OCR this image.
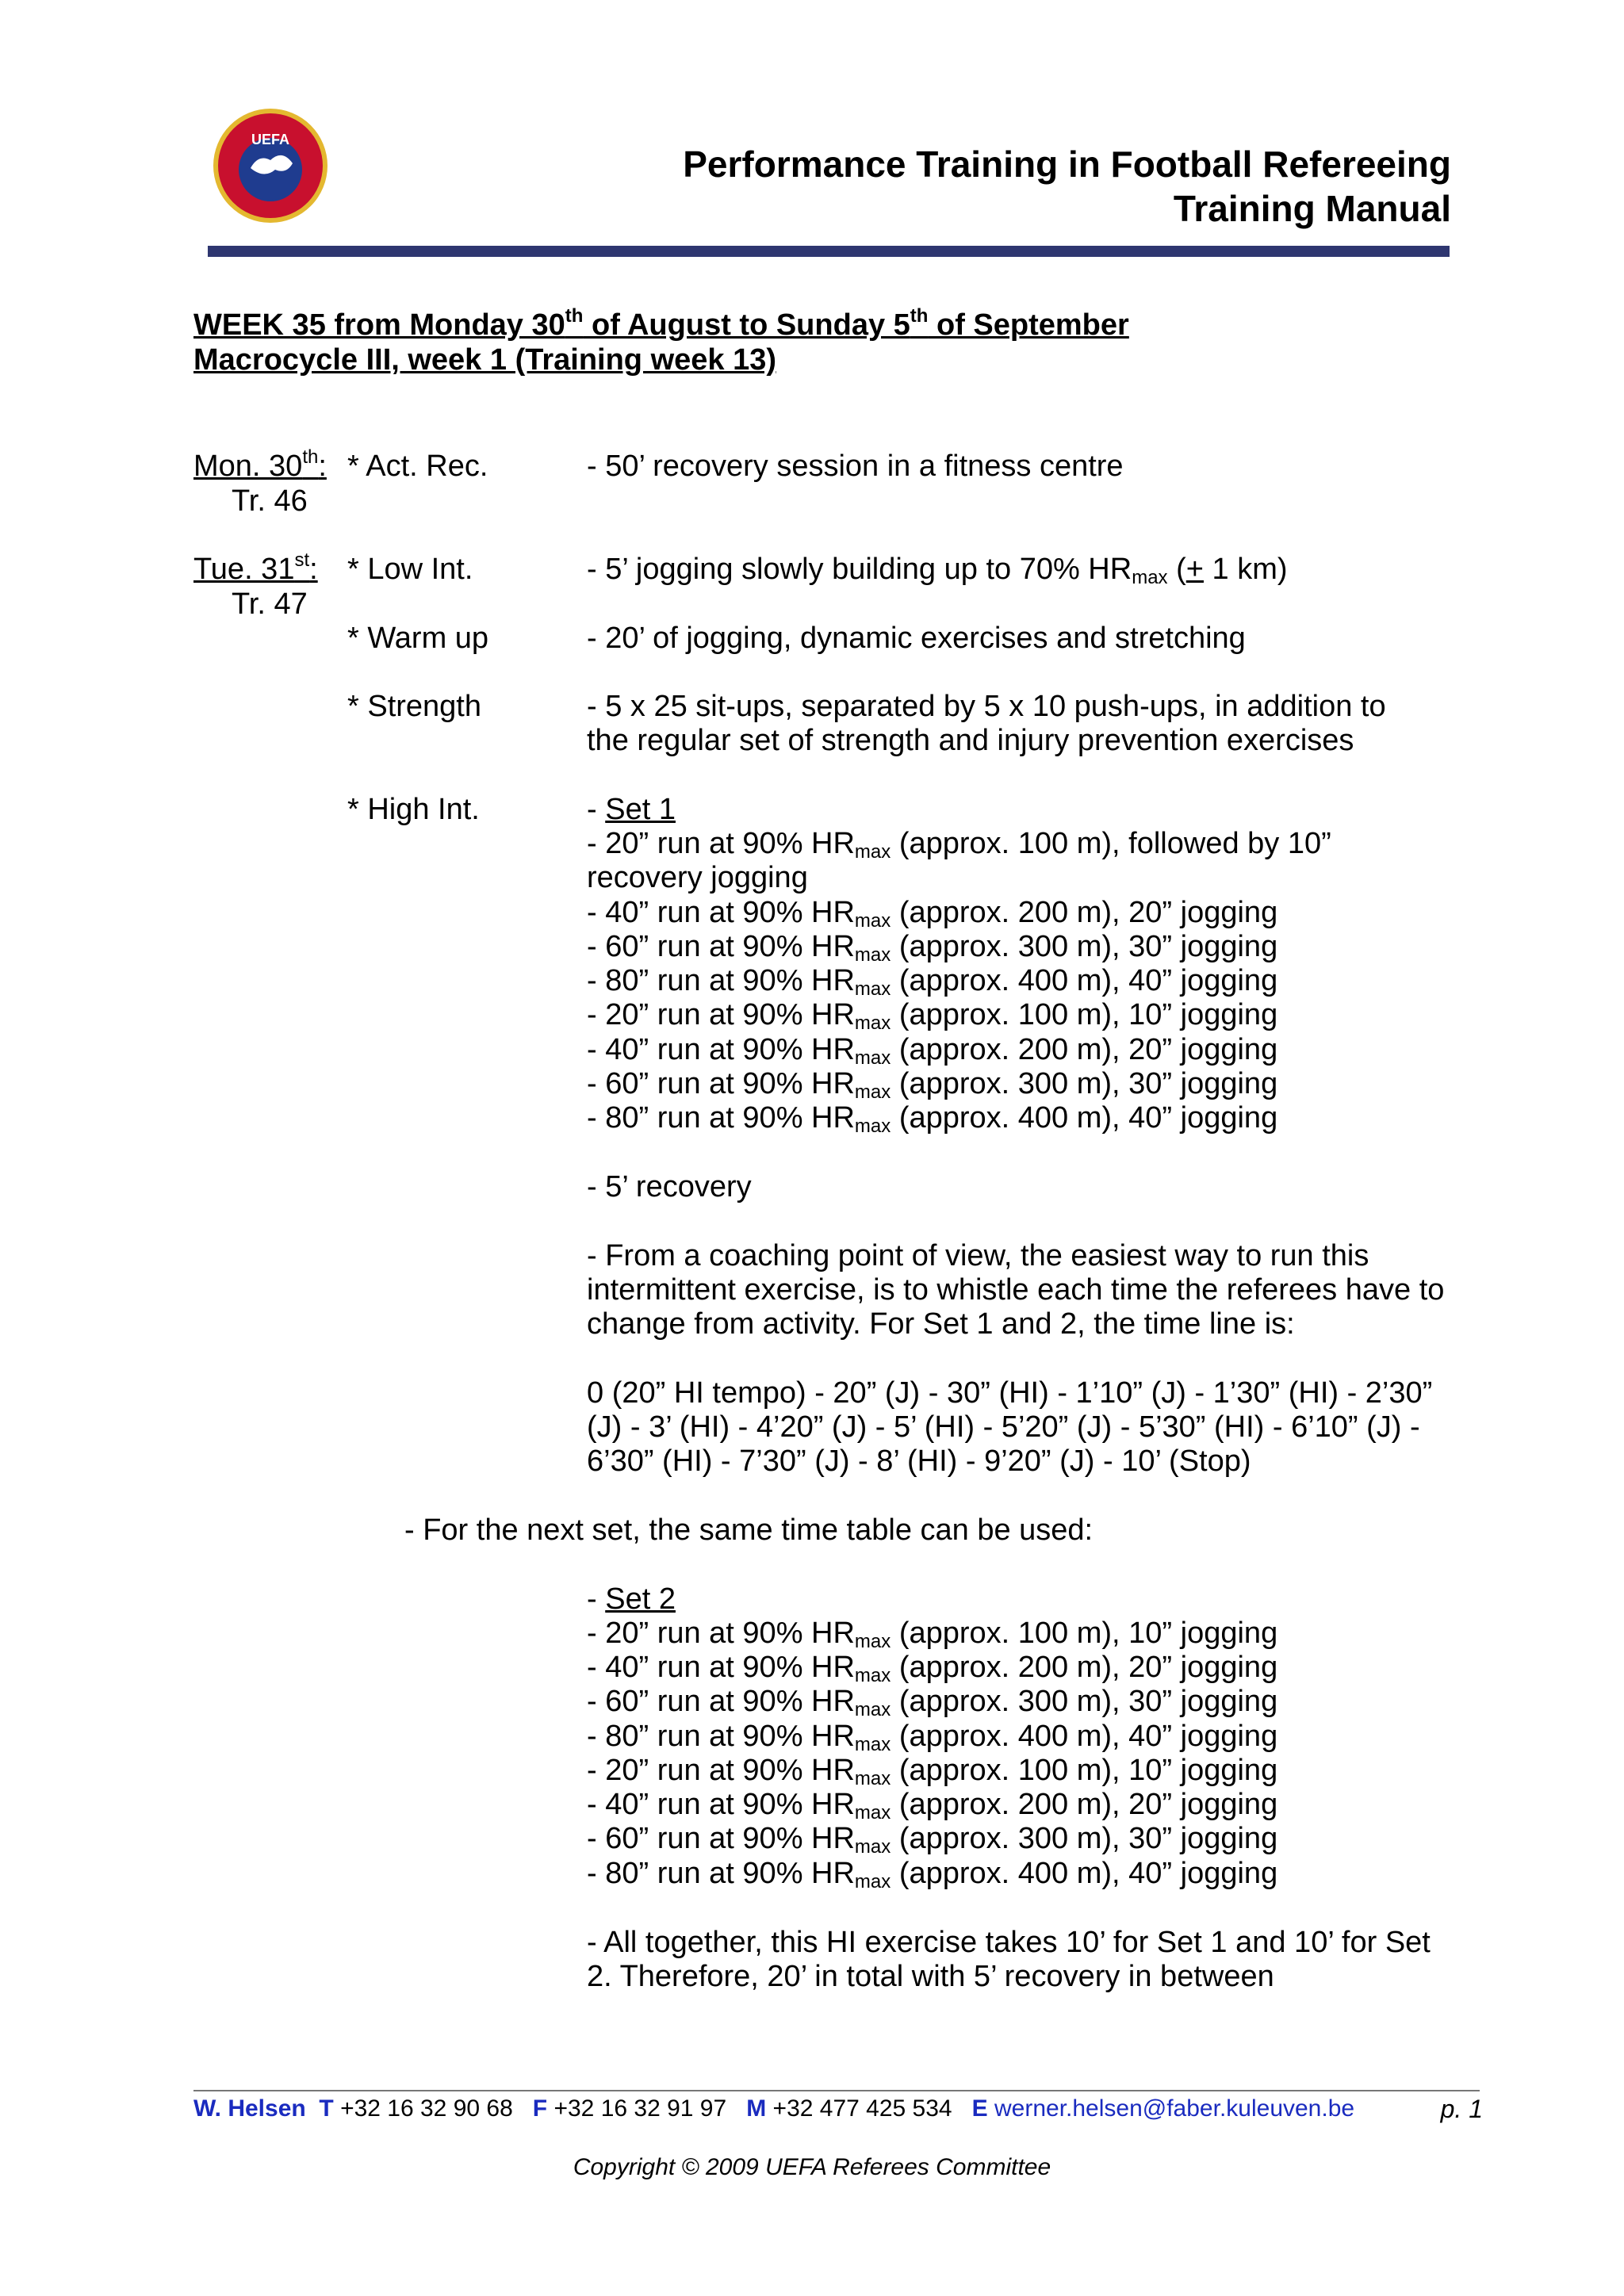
UEFA
Performance Training in Football Refereeing
Training Manual
WEEK 35 from Monday 30th of August to Sunday 5th of September
Macrocycle III, week 1 (Training week 13)
Mon. 30th:
Tr. 46
* Act. Rec.	- 50’ recovery session in a fitness centre
Tue. 31st:
Tr. 47
* Low Int.	- 5’ jogging slowly building up to 70% $HR_{max}$ (+ 1 km)
* Warm up	- 20’ of jogging, dynamic exercises and stretching
* Strength	- 5 x 25 sit-ups, separated by 5 x 10 push-ups, in addition to
the regular set of strength and injury prevention exercises
* High Int.	- Set 1
- 20” run at 90% $HR_{max}$ (approx. 100 m), followed by 10”
recovery jogging
- 40” run at 90% $HR_{max}$ (approx. 200 m), 20” jogging
- 60” run at 90% $HR_{max}$ (approx. 300 m), 30” jogging
- 80” run at 90% $HR_{max}$ (approx. 400 m), 40” jogging
- 20” run at 90% $HR_{max}$ (approx. 100 m), 10” jogging
- 40” run at 90% $HR_{max}$ (approx. 200 m), 20” jogging
- 60” run at 90% $HR_{max}$ (approx. 300 m), 30” jogging
- 80” run at 90% $HR_{max}$ (approx. 400 m), 40” jogging
- 5’ recovery
- From a coaching point of view, the easiest way to run this
intermittent exercise, is to whistle each time the referees have to
change from activity. For Set 1 and 2, the time line is:
0 (20” HI tempo) - 20” (J) - 30” (HI) - 1’10” (J) - 1’30” (HI) - 2’30”
(J) - 3’ (HI) - 4’20” (J) - 5’ (HI) - 5’20” (J) - 5’30” (HI) - 6’10” (J) -
6’30” (HI) - 7’30” (J) - 8’ (HI) - 9’20” (J) - 10’ (Stop)
- For the next set, the same time table can be used:
- Set 2
- 20” run at 90% $HR_{max}$ (approx. 100 m), 10” jogging
- 40” run at 90% $HR_{max}$ (approx. 200 m), 20” jogging
- 60” run at 90% $HR_{max}$ (approx. 300 m), 30” jogging
- 80” run at 90% $HR_{max}$ (approx. 400 m), 40” jogging
- 20” run at 90% $HR_{max}$ (approx. 100 m), 10” jogging
- 40” run at 90% $HR_{max}$ (approx. 200 m), 20” jogging
- 60” run at 90% $HR_{max}$ (approx. 300 m), 30” jogging
- 80” run at 90% $HR_{max}$ (approx. 400 m), 40” jogging
- All together, this HI exercise takes 10’ for Set 1 and 10’ for Set
2. Therefore, 20’ in total with 5’ recovery in between
W. Helsen T +32 16 32 90 68 F +32 16 32 91 97 M +32 477 425 534 E werner.helsen@faber.kuleuven.be	p. 1
Copyright © 2009 UEFA Referees Committee
